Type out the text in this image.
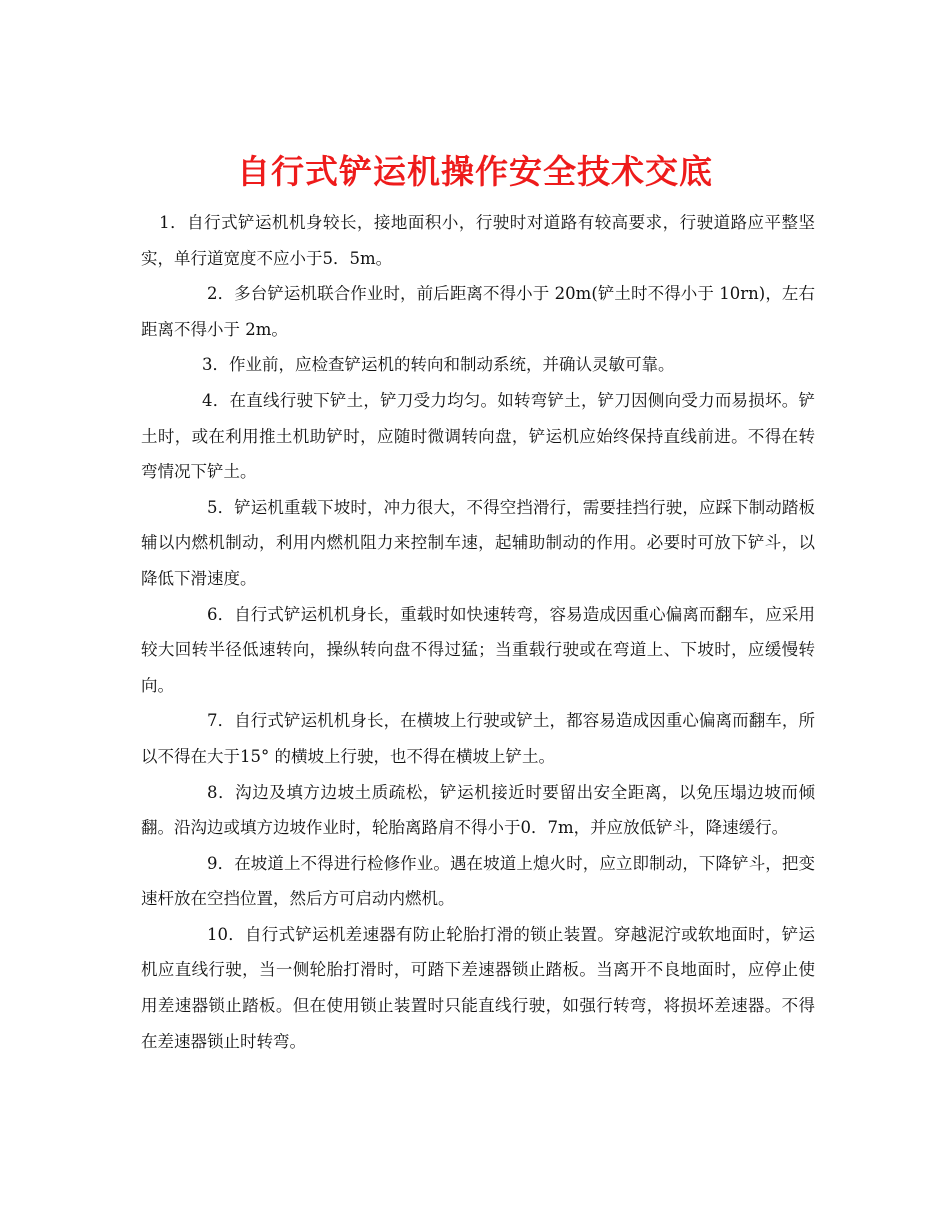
自行式铲运机操作安全技术交底

1．自行式铲运机机身较长，接地面积小，行驶时对道路有较高要求，行驶道路应平整坚实，单行道宽度不应小于5．5m。

2．多台铲运机联合作业时，前后距离不得小于 20m(铲土时不得小于 10rn)，左右距离不得小于 2m。

3．作业前，应检查铲运机的转向和制动系统，并确认灵敏可靠。

4．在直线行驶下铲土，铲刀受力均匀。如转弯铲土，铲刀因侧向受力而易损坏。铲土时，或在利用推土机助铲时，应随时微调转向盘，铲运机应始终保持直线前进。不得在转弯情况下铲土。

5．铲运机重载下坡时，冲力很大，不得空挡滑行，需要挂挡行驶，应踩下制动踏板辅以内燃机制动，利用内燃机阻力来控制车速，起辅助制动的作用。必要时可放下铲斗，以降低下滑速度。

6．自行式铲运机机身长，重载时如快速转弯，容易造成因重心偏离而翻车，应采用较大回转半径低速转向，操纵转向盘不得过猛；当重载行驶或在弯道上、下坡时，应缓慢转向。

7．自行式铲运机机身长，在横坡上行驶或铲土，都容易造成因重心偏离而翻车，所以不得在大于15° 的横坡上行驶，也不得在横坡上铲土。

8．沟边及填方边坡土质疏松，铲运机接近时要留出安全距离，以免压塌边坡而倾翻。沿沟边或填方边坡作业时，轮胎离路肩不得小于0．7m，并应放低铲斗，降速缓行。

9．在坡道上不得进行检修作业。遇在坡道上熄火时，应立即制动，下降铲斗，把变速杆放在空挡位置，然后方可启动内燃机。

10．自行式铲运机差速器有防止轮胎打滑的锁止装置。穿越泥泞或软地面时，铲运机应直线行驶，当一侧轮胎打滑时，可踏下差速器锁止踏板。当离开不良地面时，应停止使用差速器锁止踏板。但在使用锁止装置时只能直线行驶，如强行转弯，将损坏差速器。不得在差速器锁止时转弯。
